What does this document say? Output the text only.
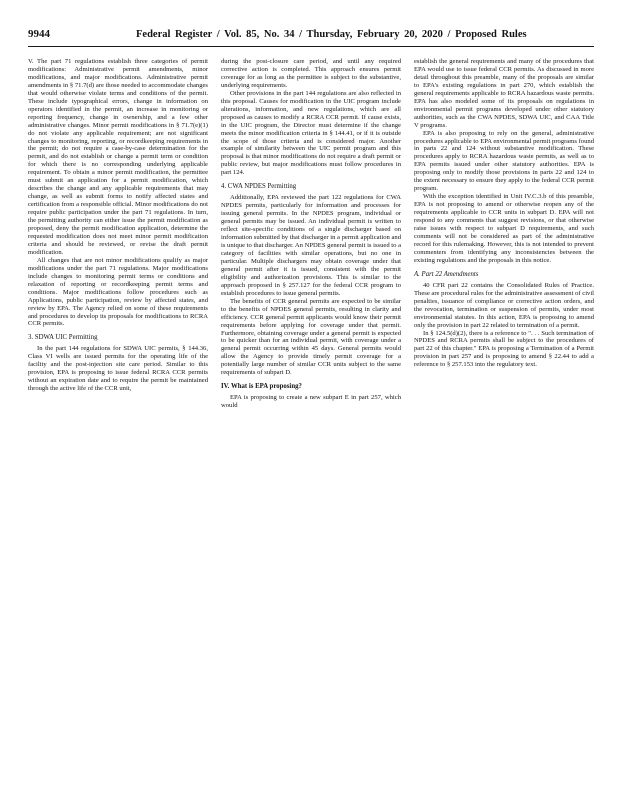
9944	Federal Register / Vol. 85, No. 34 / Thursday, February 20, 2020 / Proposed Rules

V. The part 71 regulations establish three categories of permit modifications: Administrative permit amendments, minor modifications, and major modifications. Administrative permit amendments in § 71.7(d) are those needed to accommodate changes that would otherwise violate terms and conditions of the permit. These include typographical errors, change in information on operators identified in the permit, an increase in monitoring or reporting frequency, change in ownership, and a few other administrative changes. Minor permit modifications in § 71.7(e)(1) do not violate any applicable requirement; are not significant changes to monitoring, reporting, or recordkeeping requirements in the permit; do not require a case-by-case determination for the permit, and do not establish or change a permit term or condition for which there is no corresponding underlying applicable requirement. To obtain a minor permit modification, the permittee must submit an application for a permit modification, which describes the change and any applicable requirements that may change, as well as submit forms to notify affected states and certification from a responsible official. Minor modifications do not require public participation under the part 71 regulations. In turn, the permitting authority can either issue the permit modification as proposed, deny the permit modification application, determine the requested modification does not meet minor permit modification criteria and should be reviewed, or revise the draft permit modification.

All changes that are not minor modifications qualify as major modifications under the part 71 regulations. Major modifications include changes to monitoring permit terms or conditions and relaxation of reporting or recordkeeping permit terms and conditions. Major modifications follow procedures such as Applications, public participation, review by affected states, and review by EPA. The Agency relied on some of these requirements and procedures to develop its proposals for modifications to RCRA CCR permits.

3. SDWA UIC Permitting

In the part 144 regulations for SDWA UIC permits, § 144.36, Class VI wells are issued permits for the operating life of the facility and the post-injection site care period. Similar to this provision, EPA is proposing to issue federal RCRA CCR permits without an expiration date and to require the permit be maintained through the active life of the CCR unit,

during the post-closure care period, and until any required corrective action is completed. This approach ensures permit coverage for as long as the permittee is subject to the substantive, underlying requirements.

Other provisions in the part 144 regulations are also reflected in this proposal. Causes for modification in the UIC program include alterations, information, and new regulations, which are all proposed as causes to modify a RCRA CCR permit. If cause exists, in the UIC program, the Director must determine if the change meets the minor modification criteria in § 144.41, or if it is outside the scope of those criteria and is considered major. Another example of similarity between the UIC permit program and this proposal is that minor modifications do not require a draft permit or public review, but major modifications must follow procedures in part 124.

4. CWA NPDES Permitting

Additionally, EPA reviewed the part 122 regulations for CWA NPDES permits, particularly for information and processes for issuing general permits. In the NPDES program, individual or general permits may be issued. An individual permit is written to reflect site-specific conditions of a single discharger based on information submitted by that discharger in a permit application and is unique to that discharger. An NPDES general permit is issued to a category of facilities with similar operations, but no one in particular. Multiple dischargers may obtain coverage under that general permit after it is issued, consistent with the permit eligibility and authorization provisions. This is similar to the approach proposed in § 257.127 for the federal CCR program to establish procedures to issue general permits.

The benefits of CCR general permits are expected to be similar to the benefits of NPDES general permits, resulting in clarity and efficiency. CCR general permit applicants would know their permit requirements before applying for coverage under that permit. Furthermore, obtaining coverage under a general permit is expected to be quicker than for an individual permit, with coverage under a general permit occurring within 45 days. General permits would allow the Agency to provide timely permit coverage for a potentially large number of similar CCR units subject to the same requirements of subpart D.

IV. What is EPA proposing?

EPA is proposing to create a new subpart E in part 257, which would

establish the general requirements and many of the procedures that EPA would use to issue federal CCR permits. As discussed in more detail throughout this preamble, many of the proposals are similar to EPA's existing regulations in part 270, which establish the general requirements applicable to RCRA hazardous waste permits. EPA has also modeled some of its proposals on regulations in environmental permit programs developed under other statutory authorities, such as the CWA NPDES, SDWA UIC, and CAA Title V programs.

EPA is also proposing to rely on the general, administrative procedures applicable to EPA environmental permit programs found in parts 22 and 124 without substantive modification. These procedures apply to RCRA hazardous waste permits, as well as to EPA permits issued under other statutory authorities. EPA is proposing only to modify those provisions in parts 22 and 124 to the extent necessary to ensure they apply to the federal CCR permit program.

With the exception identified in Unit IV.C.3.b of this preamble, EPA is not proposing to amend or otherwise reopen any of the requirements applicable to CCR units in subpart D. EPA will not respond to any comments that suggest revisions, or that otherwise raise issues with respect to subpart D requirements, and such comments will not be considered as part of the administrative record for this rulemaking. However, this is not intended to prevent commenters from identifying any inconsistencies between the existing regulations and the proposals in this notice.

A. Part 22 Amendments

40 CFR part 22 contains the Consolidated Rules of Practice. These are procedural rules for the administrative assessment of civil penalties, issuance of compliance or corrective action orders, and the revocation, termination or suspension of permits, under most environmental statutes. In this action, EPA is proposing to amend only the provision in part 22 related to termination of a permit.

In § 124.5(d)(2), there is a reference to ". . . Such termination of NPDES and RCRA permits shall be subject to the procedures of part 22 of this chapter." EPA is proposing a Termination of a Permit provision in part 257 and is proposing to amend § 22.44 to add a reference to § 257.153 into the regulatory text.
